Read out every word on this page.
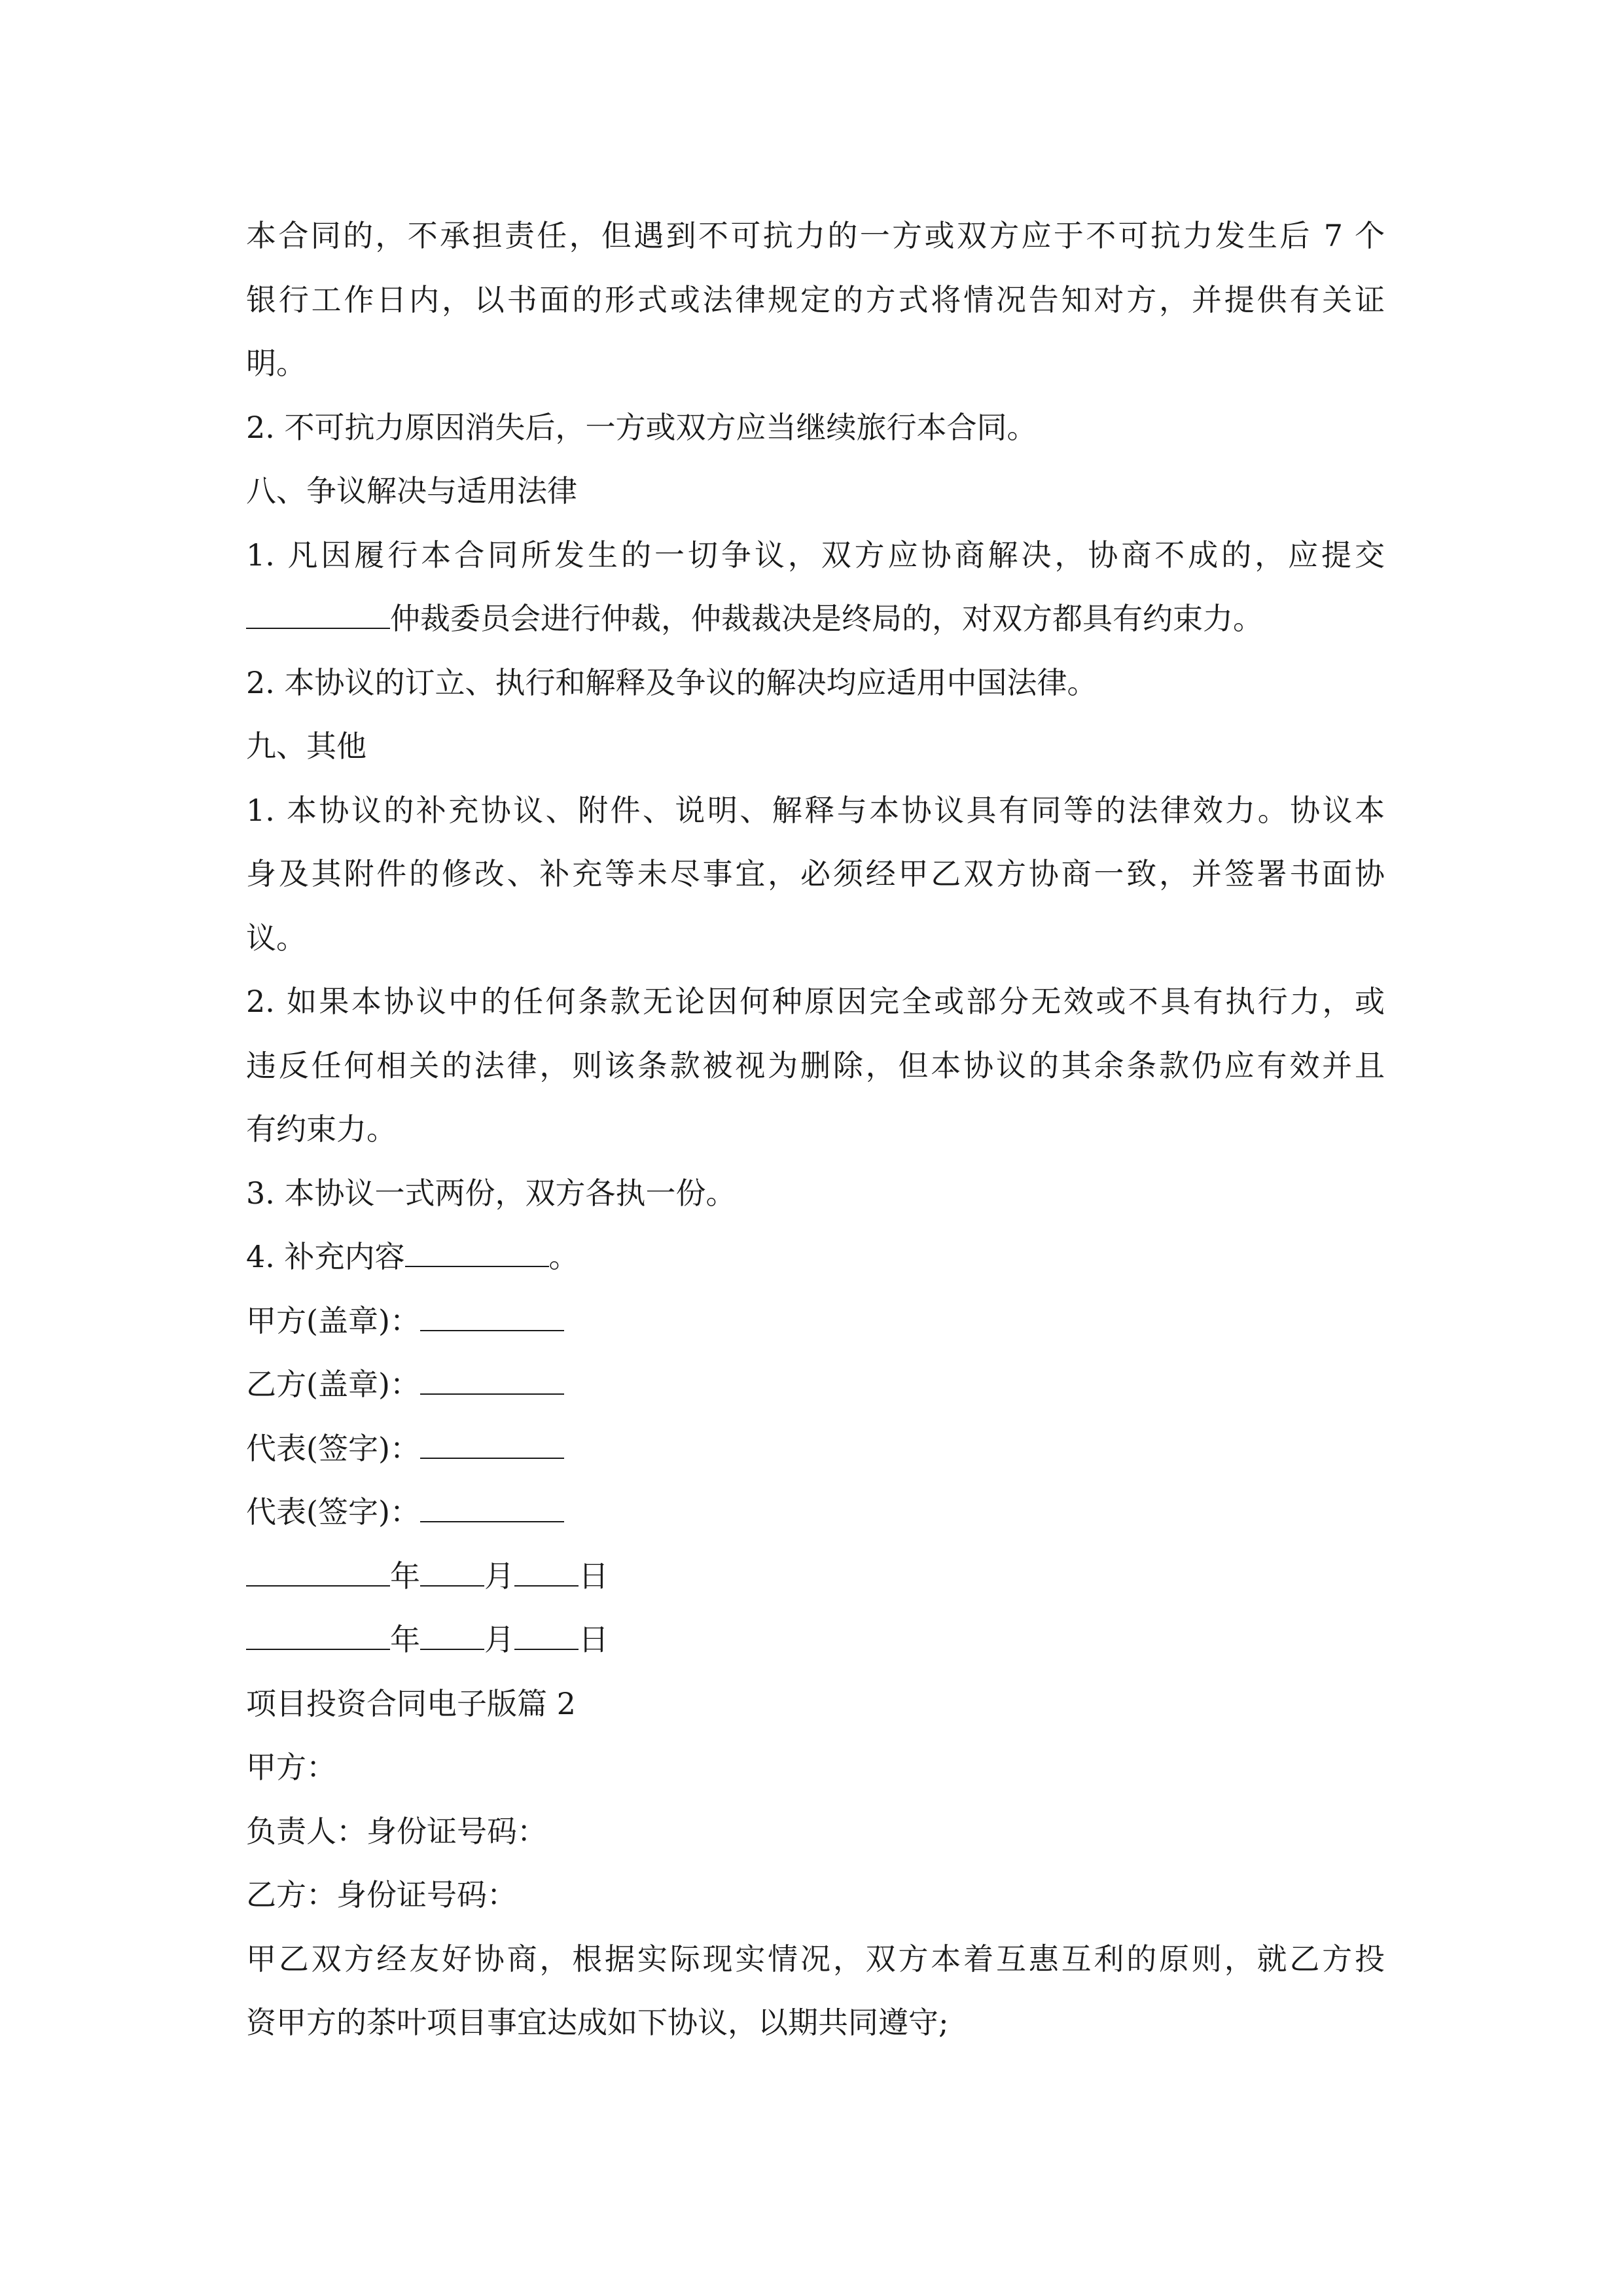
本合同的，不承担责任，但遇到不可抗力的一方或双方应于不可抗力发生后 7 个
银行工作日内，以书面的形式或法律规定的方式将情况告知对方，并提供有关证
明。
2. 不可抗力原因消失后，一方或双方应当继续旅行本合同。
八、争议解决与适用法律
1. 凡因履行本合同所发生的一切争议，双方应协商解决，协商不成的，应提交
仲裁委员会进行仲裁，仲裁裁决是终局的，对双方都具有约束力。
2. 本协议的订立、执行和解释及争议的解决均应适用中国法律。
九、其他
1. 本协议的补充协议、附件、说明、解释与本协议具有同等的法律效力。协议本
身及其附件的修改、补充等未尽事宜，必须经甲乙双方协商一致，并签署书面协
议。
2. 如果本协议中的任何条款无论因何种原因完全或部分无效或不具有执行力，或
违反任何相关的法律，则该条款被视为删除，但本协议的其余条款仍应有效并且
有约束力。
3. 本协议一式两份，双方各执一份。
4. 补充内容	。
甲方(盖章)：
乙方(盖章)：
代表(签字)：
代表(签字)：
年 月 日
年 月 日
项目投资合同电子版篇 2
甲方：
负责人：身份证号码：
乙方：身份证号码：
甲乙双方经友好协商，根据实际现实情况，双方本着互惠互利的原则，就乙方投
资甲方的茶叶项目事宜达成如下协议，以期共同遵守;
